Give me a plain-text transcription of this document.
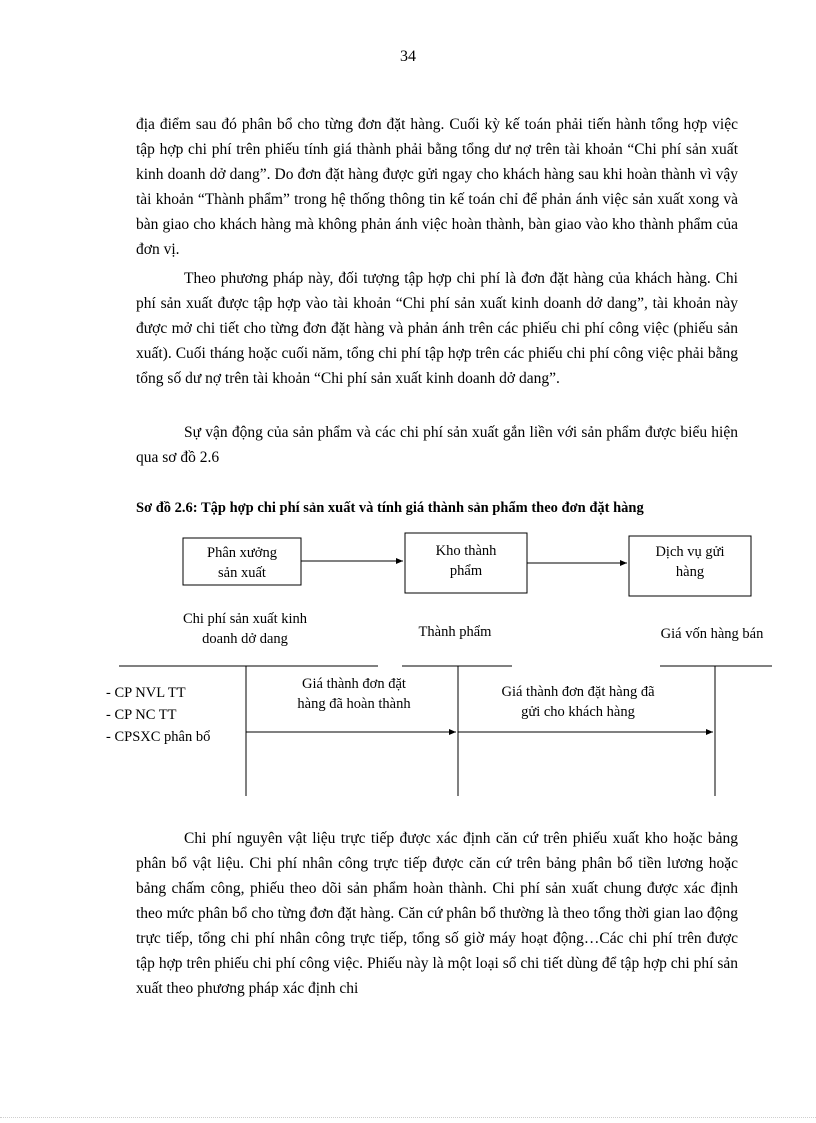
34

địa điểm sau đó phân bổ cho từng đơn đặt hàng. Cuối kỳ kế toán phải tiến hành tổng hợp việc tập hợp chi phí trên phiếu tính giá thành phải bằng tổng dư nợ trên tài khoản “Chi phí sản xuất kinh doanh dở dang”. Do đơn đặt hàng được gửi ngay cho khách hàng sau khi hoàn thành vì vậy tài khoản “Thành phẩm” trong hệ thống thông tin kế toán chỉ để phản ánh việc sản xuất xong và bàn giao cho khách hàng mà không phản ánh việc hoàn thành, bàn giao vào kho thành phẩm của đơn vị.

Theo phương pháp này, đối tượng tập hợp chi phí là đơn đặt hàng của khách hàng. Chi phí sản xuất được tập hợp vào tài khoản “Chi phí sản xuất kinh doanh dở dang”, tài khoản này được mở chi tiết cho từng đơn đặt hàng và phản ánh trên các phiếu chi phí công việc (phiếu sản xuất). Cuối tháng hoặc cuối năm, tổng chi phí tập hợp trên các phiếu chi phí công việc phải bằng tổng số dư nợ trên tài khoản “Chi phí sản xuất kinh doanh dở dang”.

Sự vận động của sản phẩm và các chi phí sản xuất gắn liền với sản phẩm được biểu hiện qua sơ đồ 2.6

Sơ đồ 2.6: Tập hợp chi phí sản xuất và tính giá thành sản phẩm theo đơn đặt hàng

Phân xưởng
sản xuất
Kho thành
phẩm
Dịch vụ gửi
hàng
Chi phí sản xuất kinh
doanh dở dang	Thành phẩm	Giá vốn hàng bán
- CP NVL TT
- CP NC TT
- CPSXC phân bổ
Giá thành đơn đặt
hàng đã hoàn thành
Giá thành đơn đặt hàng đã
gửi cho khách hàng

Chi phí nguyên vật liệu trực tiếp được xác định căn cứ trên phiếu xuất kho hoặc bảng phân bổ vật liệu. Chi phí nhân công trực tiếp được căn cứ trên bảng phân bổ tiền lương hoặc bảng chấm công, phiếu theo dõi sản phẩm hoàn thành. Chi phí sản xuất chung được xác định theo mức phân bổ cho từng đơn đặt hàng. Căn cứ phân bổ thường là theo tổng thời gian lao động trực tiếp, tổng chi phí nhân công trực tiếp, tổng số giờ máy hoạt động…Các chi phí trên được tập hợp trên phiếu chi phí công việc. Phiếu này là một loại sổ chi tiết dùng để tập hợp chi phí sản xuất theo phương pháp xác định chi
